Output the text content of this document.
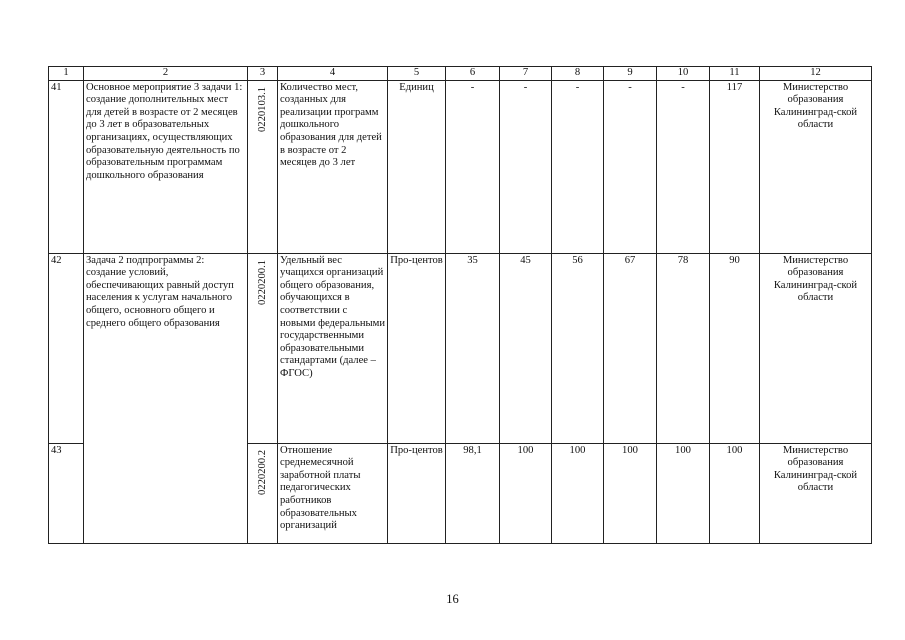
1	2	3	4	5	6	7	8	9	10	11	12
41	Основное мероприятие 3 задачи 1: создание дополнительных мест для детей в возрасте от 2 месяцев до 3 лет в образовательных организациях, осуществляющих образовательную деятельность по образовательным программам дошкольного образования	0220103.1	Количество мест, созданных для реализации программ дошкольного образования для детей в возрасте от 2 месяцев до 3 лет	Единиц	-	-	-	-	-	117	Министерство образования Калининград-ской области
42	Задача 2 подпрограммы 2: создание условий, обеспечивающих равный доступ населения к услугам начального общего, основного общего и среднего общего образования	0220200.1	Удельный вес учащихся организаций общего образования, обучающихся в соответствии с новыми федеральными государственными образовательными стандартами (далее – ФГОС)	Про-центов	35	45	56	67	78	90	Министерство образования Калининград-ской области
43		0220200.2	Отношение среднемесячной заработной платы педагогических работников образовательных организаций	Про-центов	98,1	100	100	100	100	100	Министерство образования Калининград-ской области
16
